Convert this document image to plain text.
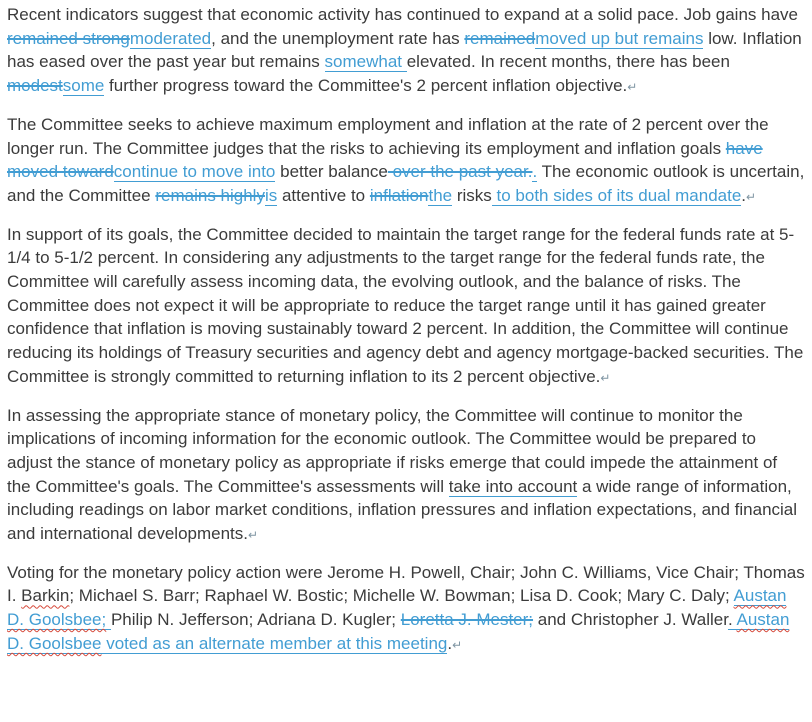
Recent indicators suggest that economic activity has continued to expand at a solid pace. Job gains have remained strongmoderated, and the unemployment rate has remainedmoved up but remains low. Inflation has eased over the past year but remains somewhat elevated. In recent months, there has been modestsome further progress toward the Committee's 2 percent inflation objective.↵

The Committee seeks to achieve maximum employment and inflation at the rate of 2 percent over the longer run. The Committee judges that the risks to achieving its employment and inflation goals have moved towardcontinue to move into better balance over the past year.. The economic outlook is uncertain, and the Committee remains highlyis attentive to inflationthe risks to both sides of its dual mandate.↵

In support of its goals, the Committee decided to maintain the target range for the federal funds rate at 5-1/4 to 5-1/2 percent. In considering any adjustments to the target range for the federal funds rate, the Committee will carefully assess incoming data, the evolving outlook, and the balance of risks. The Committee does not expect it will be appropriate to reduce the target range until it has gained greater confidence that inflation is moving sustainably toward 2 percent. In addition, the Committee will continue reducing its holdings of Treasury securities and agency debt and agency mortgage-backed securities. The Committee is strongly committed to returning inflation to its 2 percent objective.↵

In assessing the appropriate stance of monetary policy, the Committee will continue to monitor the implications of incoming information for the economic outlook. The Committee would be prepared to adjust the stance of monetary policy as appropriate if risks emerge that could impede the attainment of the Committee's goals. The Committee's assessments will take into account a wide range of information, including readings on labor market conditions, inflation pressures and inflation expectations, and financial and international developments.↵

Voting for the monetary policy action were Jerome H. Powell, Chair; John C. Williams, Vice Chair; Thomas I. Barkin; Michael S. Barr; Raphael W. Bostic; Michelle W. Bowman; Lisa D. Cook; Mary C. Daly; Austan D. Goolsbee; Philip N. Jefferson; Adriana D. Kugler; Loretta J. Mester; and Christopher J. Waller. Austan D. Goolsbee voted as an alternate member at this meeting.↵
